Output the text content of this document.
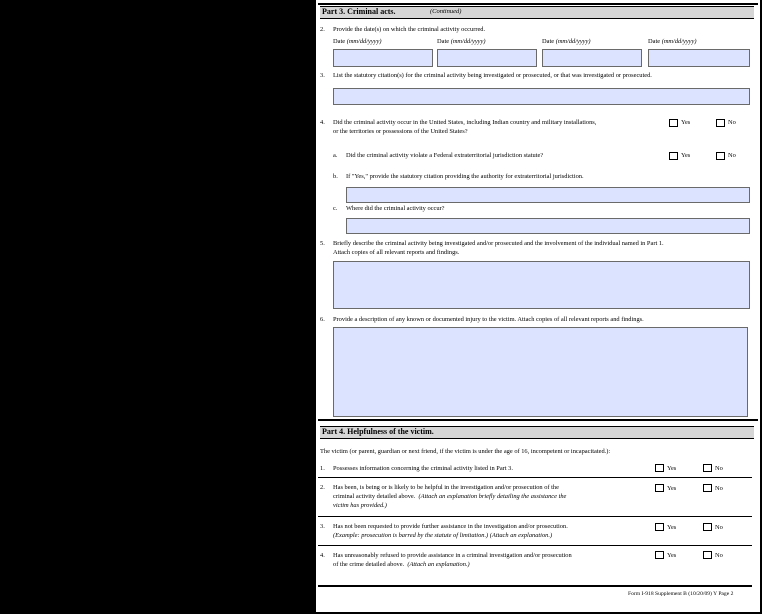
Part 3. Criminal acts.	(Continued)
2. Provide the date(s) on which the criminal activity occurred.
Date (mm/dd/yyyy)	Date (mm/dd/yyyy)	Date (mm/dd/yyyy)	Date (mm/dd/yyyy)
3. List the statutory citation(s) for the criminal activity being investigated or prosecuted, or that was investigated or prosecuted.
4. Did the criminal activity occur in the United States, including Indian country and military installations,
or the territories or possessions of the United States?
Yes	No
a. Did the criminal activity violate a Federal extraterritorial jurisdiction statute?	Yes	No
b. If "Yes," provide the statutory citation providing the authority for extraterritorial jurisdiction.
c. Where did the criminal activity occur?
5. Briefly describe the criminal activity being investigated and/or prosecuted and the involvement of the individual named in Part 1.
Attach copies of all relevant reports and findings.
6. Provide a description of any known or documented injury to the victim. Attach copies of all relevant reports and findings.
Part 4. Helpfulness of the victim.
The victim (or parent, guardian or next friend, if the victim is under the age of 16, incompetent or incapacitated.):
1. Possesses information concerning the criminal activity listed in Part 3.	Yes	No
2. Has been, is being or is likely to be helpful in the investigation and/or prosecution of the
criminal activity detailed above. (Attach an explanation briefly detailing the assistance the
victim has provided.)
Yes	No
3. Has not been requested to provide further assistance in the investigation and/or prosecution.
(Example: prosecution is barred by the statute of limitation.) (Attach an explanation.)
Yes	No
4. Has unreasonably refused to provide assistance in a criminal investigation and/or prosecution
of the crime detailed above. (Attach an explanation.)
Yes	No
Form I-918 Supplement B (10/20/09) Y Page 2
